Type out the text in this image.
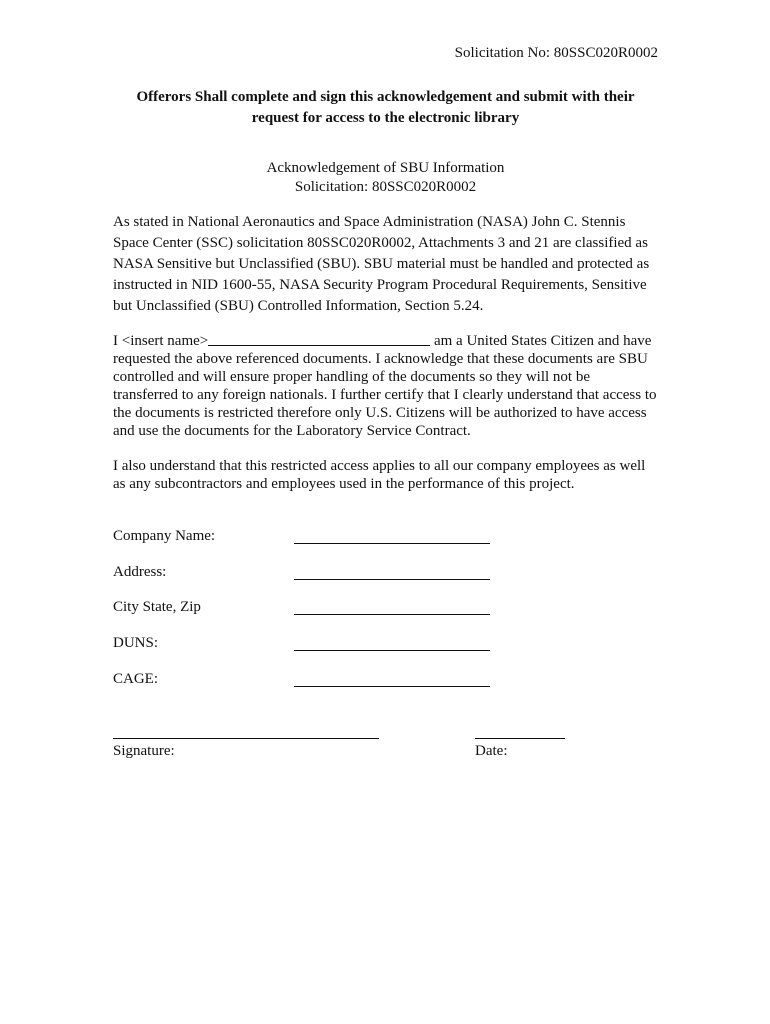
Solicitation No: 80SSC020R0002
Offerors Shall complete and sign this acknowledgement and submit with their
request for access to the electronic library
Acknowledgement of SBU Information
Solicitation: 80SSC020R0002
As stated in National Aeronautics and Space Administration (NASA) John C. Stennis Space Center (SSC) solicitation 80SSC020R0002, Attachments 3 and 21 are classified as NASA Sensitive but Unclassified (SBU). SBU material must be handled and protected as instructed in NID 1600-55, NASA Security Program Procedural Requirements, Sensitive but Unclassified (SBU) Controlled Information, Section 5.24.
I <insert name>	am a United States Citizen and have requested the above referenced documents. I acknowledge that these documents are SBU controlled and will ensure proper handling of the documents so they will not be transferred to any foreign nationals. I further certify that I clearly understand that access to the documents is restricted therefore only U.S. Citizens will be authorized to have access and use the documents for the Laboratory Service Contract.
I also understand that this restricted access applies to all our company employees as well as any subcontractors and employees used in the performance of this project.
Company Name:
Address:
City State, Zip
DUNS:
CAGE:
Signature:	Date:
